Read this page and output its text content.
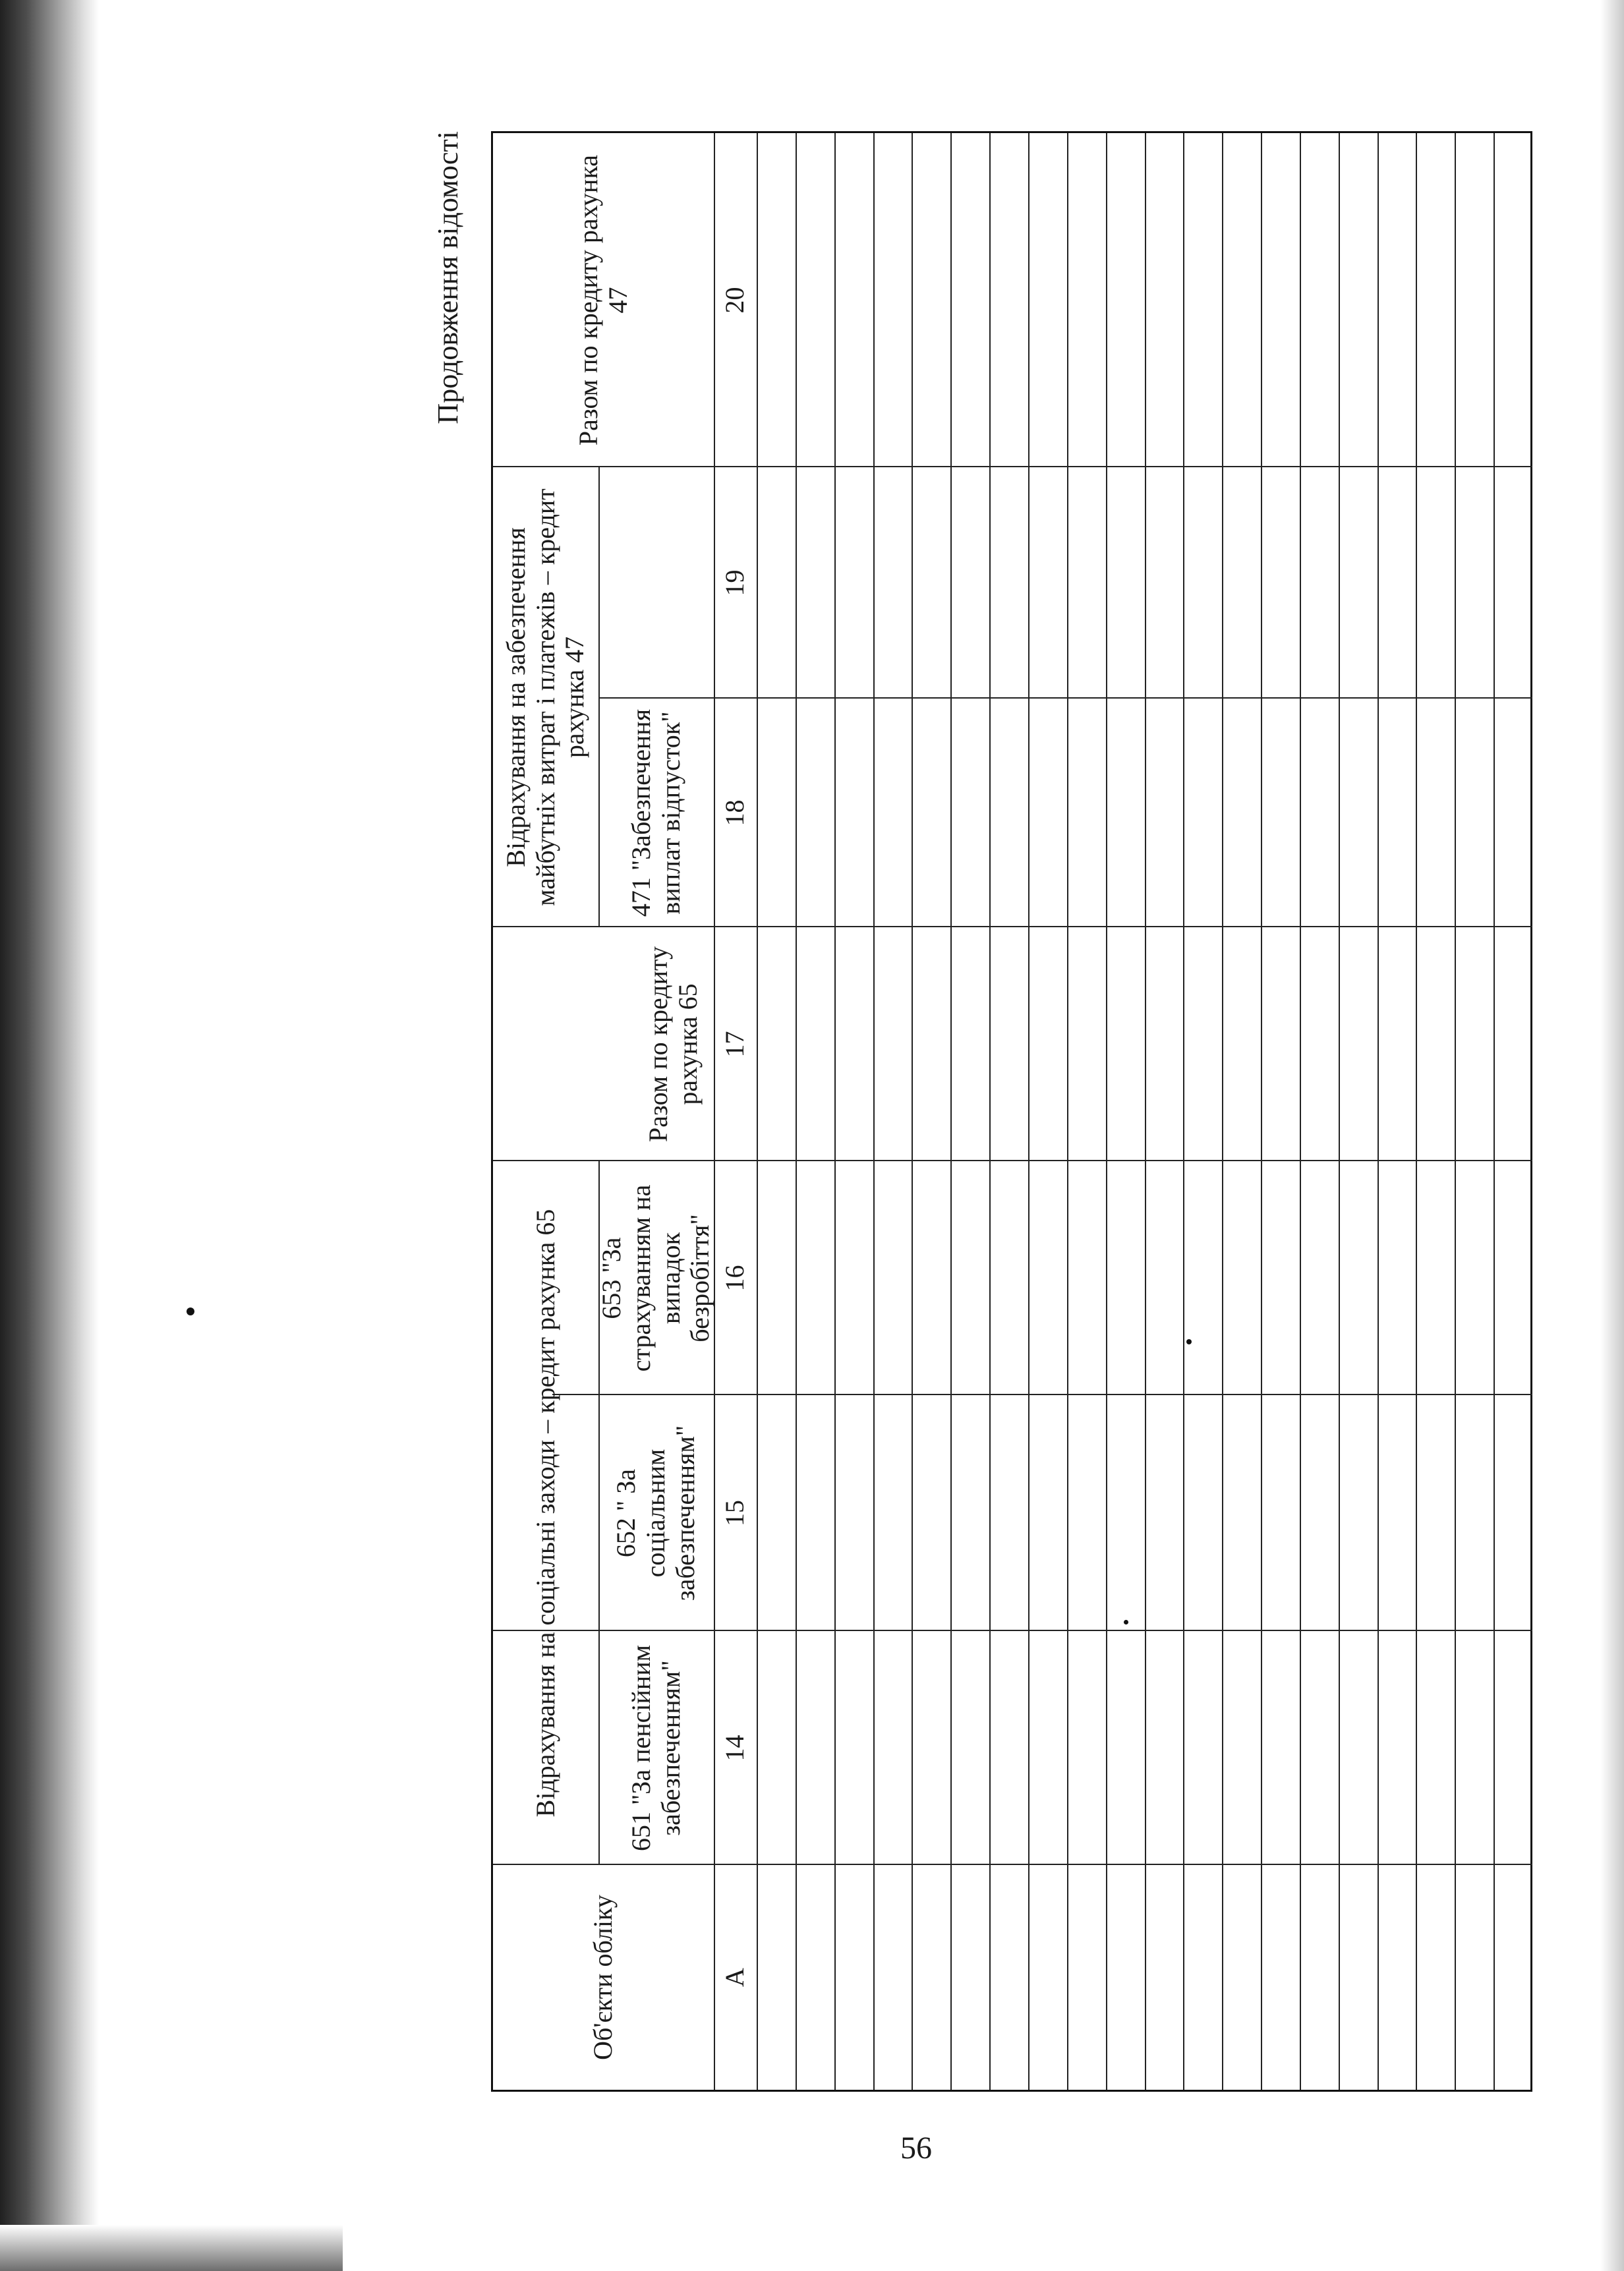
Продовження відомості
Об'єкти обліку
Відрахування на соціальні заходи – кредит рахунка 65	651 "За пенсійним забезпеченням"
652 " За соціальним забезпеченням"
653 "За страхуванням на випадок безробіття"
Разом по кредиту рахунка 65
Відрахування на забезпечення майбутніх витрат і платежів – кредит рахунка 47
471 "Забезпечення виплат відпусток"
Разом по кредиту рахунка 47
А
14
15
16
17
18
19
20
56
